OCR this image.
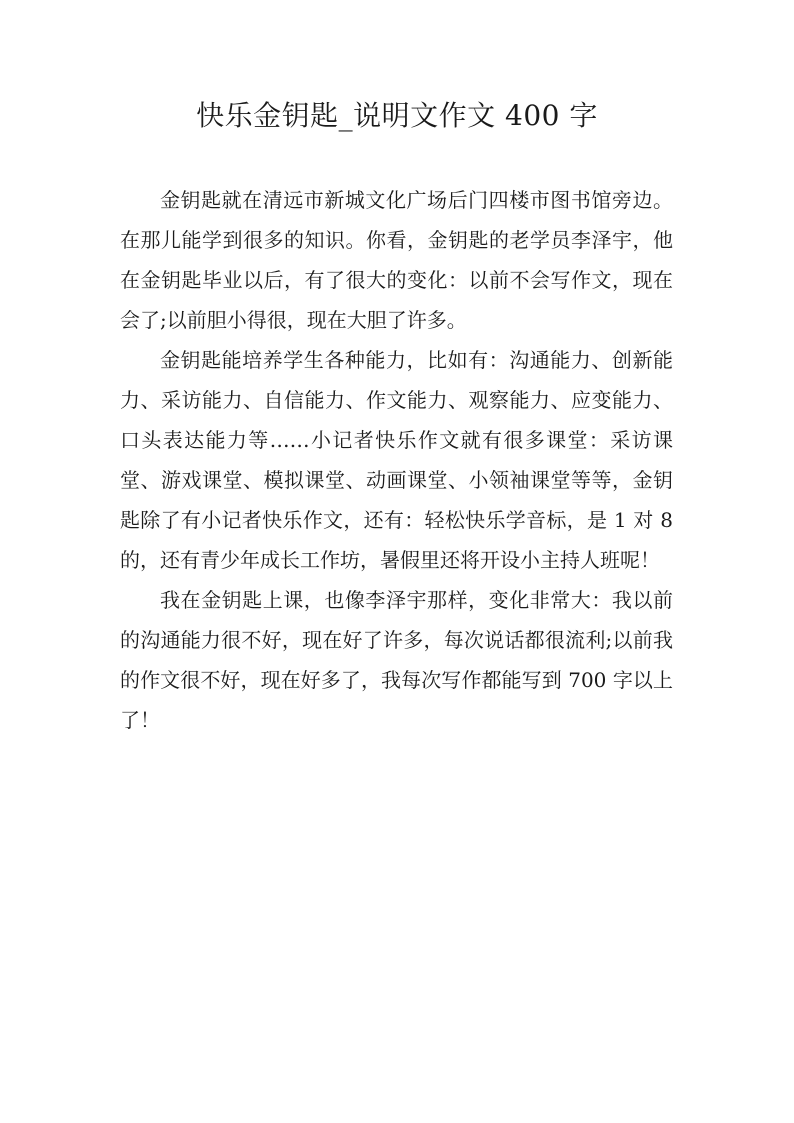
快乐金钥匙_说明文作文 400 字

金钥匙就在清远市新城文化广场后门四楼市图书馆旁边。在那儿能学到很多的知识。你看，金钥匙的老学员李泽宇，他在金钥匙毕业以后，有了很大的变化：以前不会写作文，现在会了;以前胆小得很，现在大胆了许多。

金钥匙能培养学生各种能力，比如有：沟通能力、创新能力、采访能力、自信能力、作文能力、观察能力、应变能力、口头表达能力等……小记者快乐作文就有很多课堂：采访课堂、游戏课堂、模拟课堂、动画课堂、小领袖课堂等等，金钥匙除了有小记者快乐作文，还有：轻松快乐学音标，是 1 对 8 的，还有青少年成长工作坊，暑假里还将开设小主持人班呢！

我在金钥匙上课，也像李泽宇那样，变化非常大：我以前的沟通能力很不好，现在好了许多，每次说话都很流利;以前我的作文很不好，现在好多了，我每次写作都能写到 700 字以上了！
